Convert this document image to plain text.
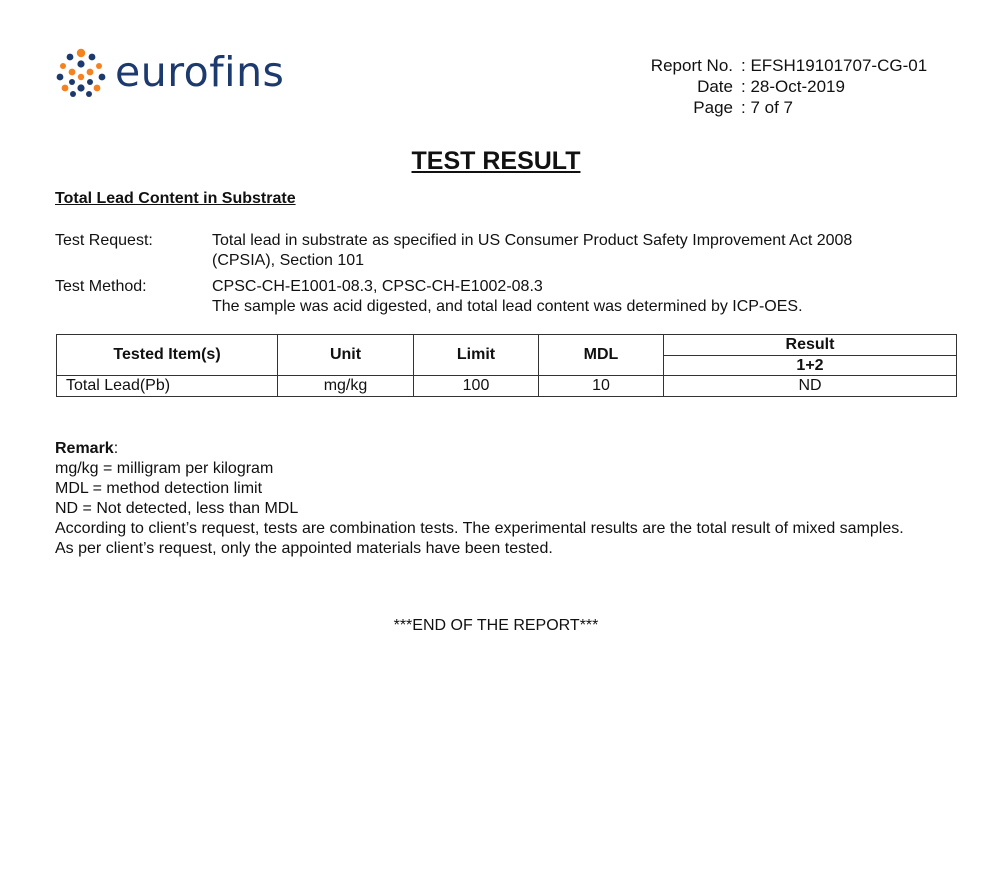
eurofins	Report No. : EFSH19101707-CG-01
Date : 28-Oct-2019
Page : 7 of 7
TEST RESULT
Total Lead Content in Substrate
Test Request:	Total lead in substrate as specified in US Consumer Product Safety Improvement Act 2008 (CPSIA), Section 101
Test Method:	CPSC-CH-E1001-08.3, CPSC-CH-E1002-08.3
The sample was acid digested, and total lead content was determined by ICP-OES.
Tested Item(s)	Unit	Limit	MDL	Result
				1+2
Total Lead(Pb)	mg/kg	100	10	ND
Remark:
mg/kg = milligram per kilogram
MDL = method detection limit
ND = Not detected, less than MDL
According to client’s request, tests are combination tests. The experimental results are the total result of mixed samples.
As per client’s request, only the appointed materials have been tested.
***END OF THE REPORT***
